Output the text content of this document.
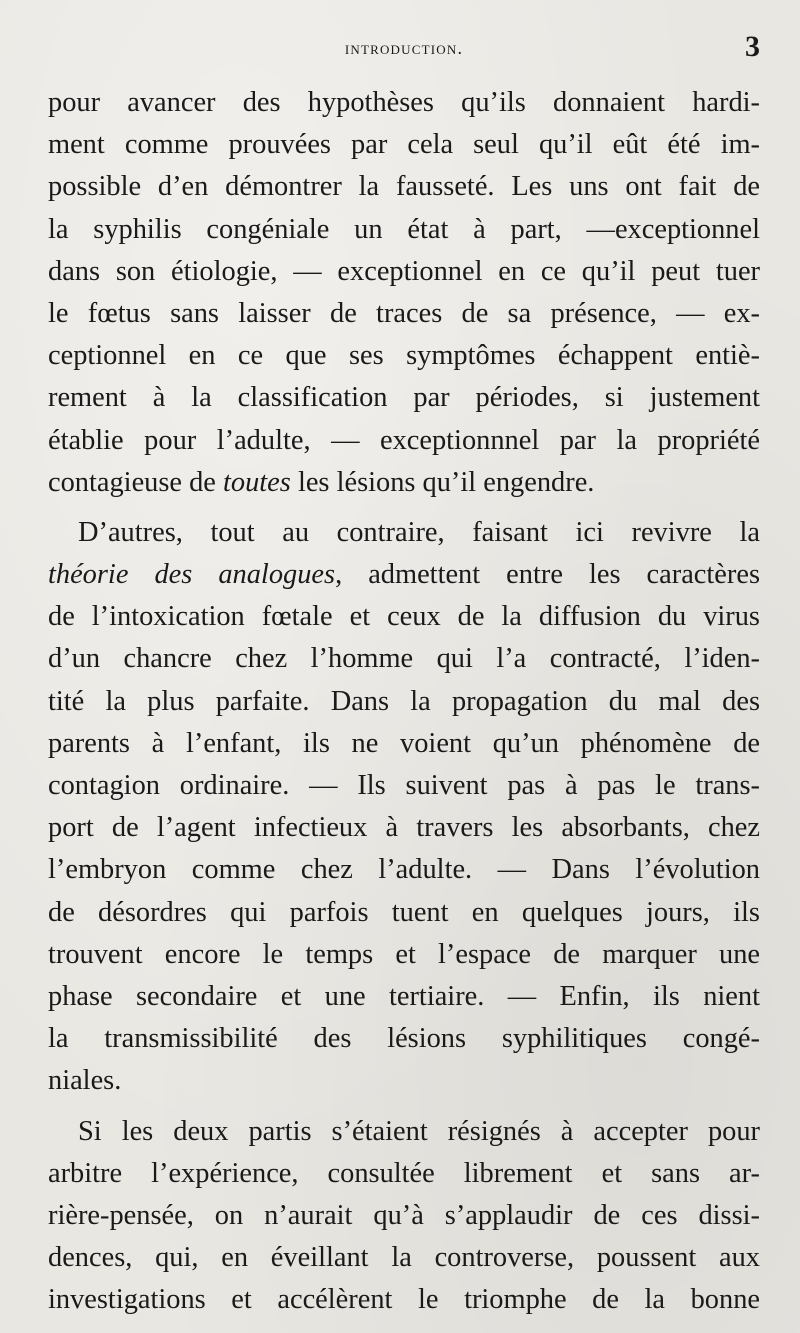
introduction.	3
pour avancer des hypothèses qu’ils donnaient hardi-
ment comme prouvées par cela seul qu’il eût été im-
possible d’en démontrer la fausseté. Les uns ont fait de
la syphilis congéniale un état à part, —exceptionnel
dans son étiologie, — exceptionnel en ce qu’il peut tuer
le fœtus sans laisser de traces de sa présence, — ex-
ceptionnel en ce que ses symptômes échappent entiè-
rement à la classification par périodes, si justement
établie pour l’adulte, — exceptionnnel par la propriété
contagieuse de toutes les lésions qu’il engendre.
D’autres, tout au contraire, faisant ici revivre la
théorie des analogues, admettent entre les caractères
de l’intoxication fœtale et ceux de la diffusion du virus
d’un chancre chez l’homme qui l’a contracté, l’iden-
tité la plus parfaite. Dans la propagation du mal des
parents à l’enfant, ils ne voient qu’un phénomène de
contagion ordinaire. — Ils suivent pas à pas le trans-
port de l’agent infectieux à travers les absorbants, chez
l’embryon comme chez l’adulte. — Dans l’évolution
de désordres qui parfois tuent en quelques jours, ils
trouvent encore le temps et l’espace de marquer une
phase secondaire et une tertiaire. — Enfin, ils nient
la transmissibilité des lésions syphilitiques congé-
niales.
Si les deux partis s’étaient résignés à accepter pour
arbitre l’expérience, consultée librement et sans ar-
rière-pensée, on n’aurait qu’à s’applaudir de ces dissi-
dences, qui, en éveillant la controverse, poussent aux
investigations et accélèrent le triomphe de la bonne
